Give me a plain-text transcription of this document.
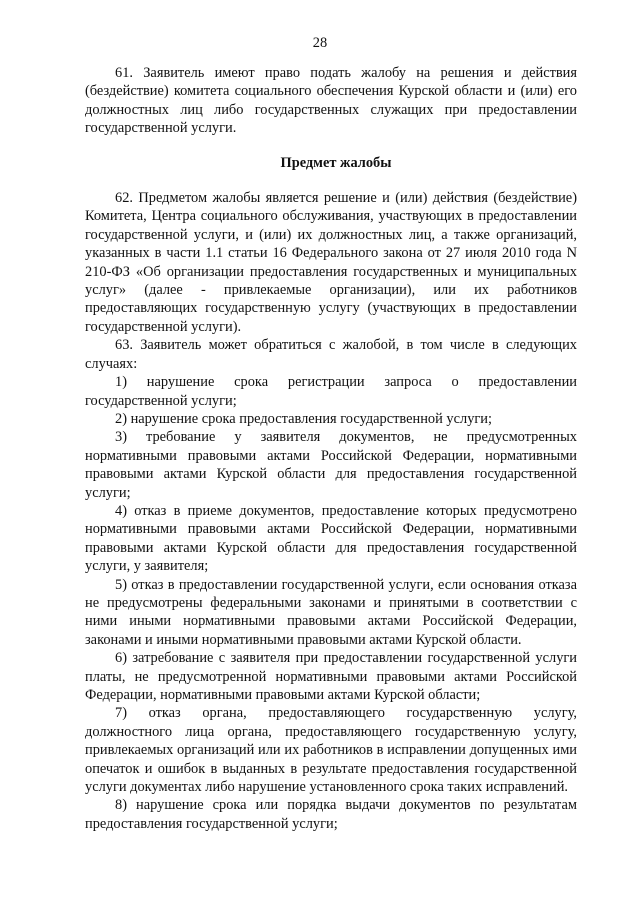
28

61. Заявитель имеют право подать жалобу на решения и действия (бездействие) комитета социального обеспечения Курской области и (или) его должностных лиц либо государственных служащих при предоставлении государственной услуги.

Предмет жалобы

62. Предметом жалобы является решение и (или) действия (бездействие) Комитета, Центра социального обслуживания, участвующих в предоставлении государственной услуги, и (или) их должностных лиц, а также организаций, указанных в части 1.1 статьи 16 Федерального закона от 27 июля 2010 года N 210-ФЗ «Об организации предоставления государственных и муниципальных услуг» (далее - привлекаемые организации), или их работников предоставляющих государственную услугу (участвующих в предоставлении государственной услуги).

63. Заявитель может обратиться с жалобой, в том числе в следующих случаях:

1) нарушение срока регистрации запроса о предоставлении государственной услуги;

2) нарушение срока предоставления государственной услуги;

3) требование у заявителя документов, не предусмотренных нормативными правовыми актами Российской Федерации, нормативными правовыми актами Курской области для предоставления государственной услуги;

4) отказ в приеме документов, предоставление которых предусмотрено нормативными правовыми актами Российской Федерации, нормативными правовыми актами Курской области для предоставления государственной услуги, у заявителя;

5) отказ в предоставлении государственной услуги, если основания отказа не предусмотрены федеральными законами и принятыми в соответствии с ними иными нормативными правовыми актами Российской Федерации, законами и иными нормативными правовыми актами Курской области.

6) затребование с заявителя при предоставлении государственной услуги платы, не предусмотренной нормативными правовыми актами Российской Федерации, нормативными правовыми актами Курской области;

7) отказ органа, предоставляющего государственную услугу, должностного лица органа, предоставляющего государственную услугу, привлекаемых организаций или их работников в исправлении допущенных ими опечаток и ошибок в выданных в результате предоставления государственной услуги документах либо нарушение установленного срока таких исправлений.

8) нарушение срока или порядка выдачи документов по результатам предоставления государственной услуги;
